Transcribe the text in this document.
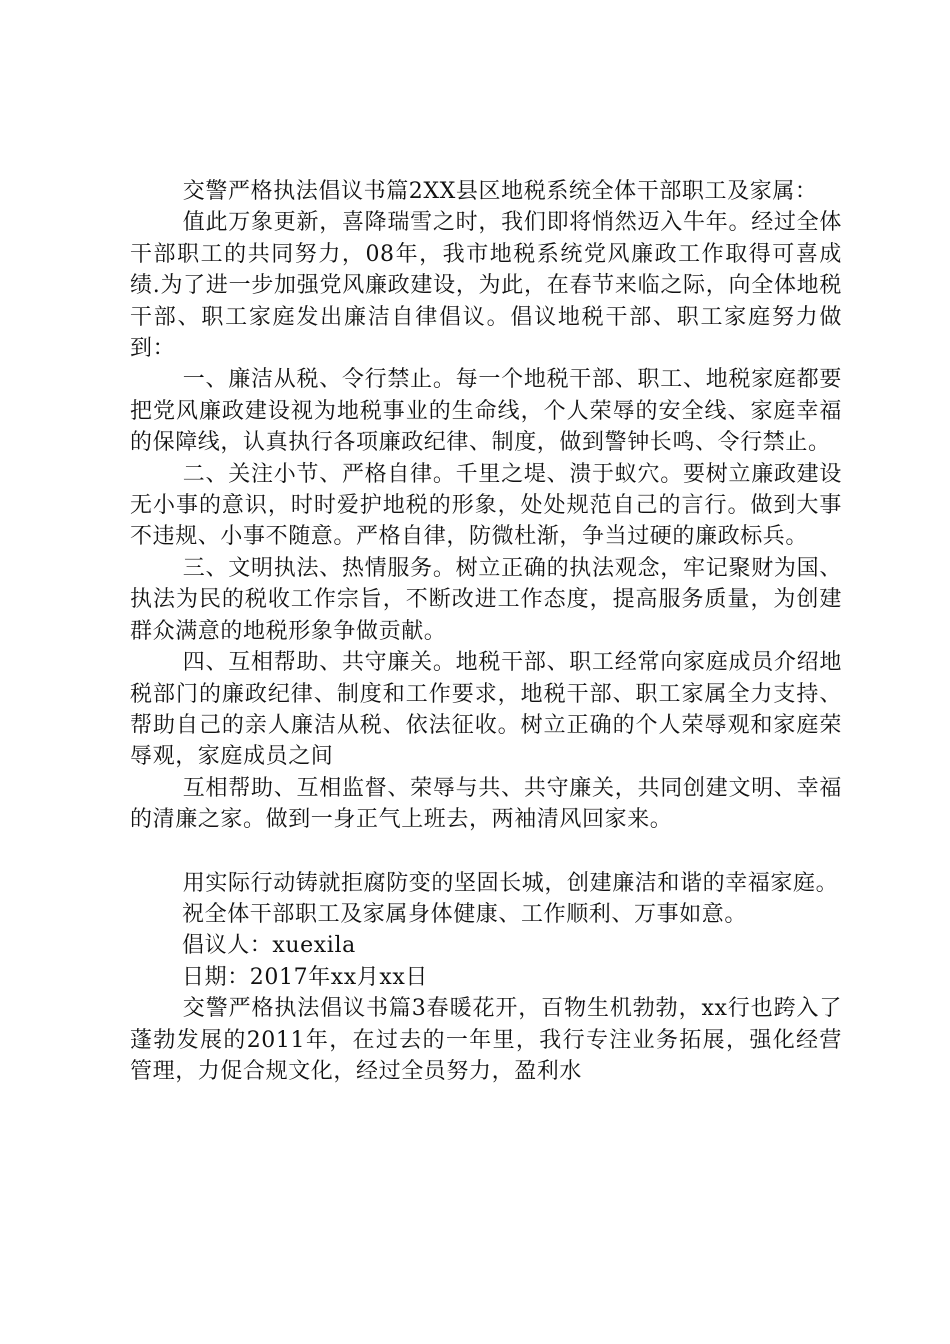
交警严格执法倡议书篇2XX县区地税系统全体干部职工及家属：

值此万象更新，喜降瑞雪之时，我们即将悄然迈入牛年。经过全体干部职工的共同努力，08年，我市地税系统党风廉政工作取得可喜成绩.为了进一步加强党风廉政建设，为此，在春节来临之际，向全体地税干部、职工家庭发出廉洁自律倡议。倡议地税干部、职工家庭努力做到：

一、廉洁从税、令行禁止。每一个地税干部、职工、地税家庭都要把党风廉政建设视为地税事业的生命线，个人荣辱的安全线、家庭幸福的保障线，认真执行各项廉政纪律、制度，做到警钟长鸣、令行禁止。

二、关注小节、严格自律。千里之堤、溃于蚁穴。要树立廉政建设无小事的意识，时时爱护地税的形象，处处规范自己的言行。做到大事不违规、小事不随意。严格自律，防微杜渐，争当过硬的廉政标兵。

三、文明执法、热情服务。树立正确的执法观念，牢记聚财为国、执法为民的税收工作宗旨，不断改进工作态度，提高服务质量，为创建群众满意的地税形象争做贡献。

四、互相帮助、共守廉关。地税干部、职工经常向家庭成员介绍地税部门的廉政纪律、制度和工作要求，地税干部、职工家属全力支持、帮助自己的亲人廉洁从税、依法征收。树立正确的个人荣辱观和家庭荣辱观，家庭成员之间

互相帮助、互相监督、荣辱与共、共守廉关，共同创建文明、幸福的清廉之家。做到一身正气上班去，两袖清风回家来。

用实际行动铸就拒腐防变的坚固长城，创建廉洁和谐的幸福家庭。

祝全体干部职工及家属身体健康、工作顺利、万事如意。

倡议人：xuexila

日期：2017年xx月xx日

交警严格执法倡议书篇3春暖花开，百物生机勃勃，xx行也跨入了蓬勃发展的2011年，在过去的一年里，我行专注业务拓展，强化经营管理，力促合规文化，经过全员努力，盈利水
